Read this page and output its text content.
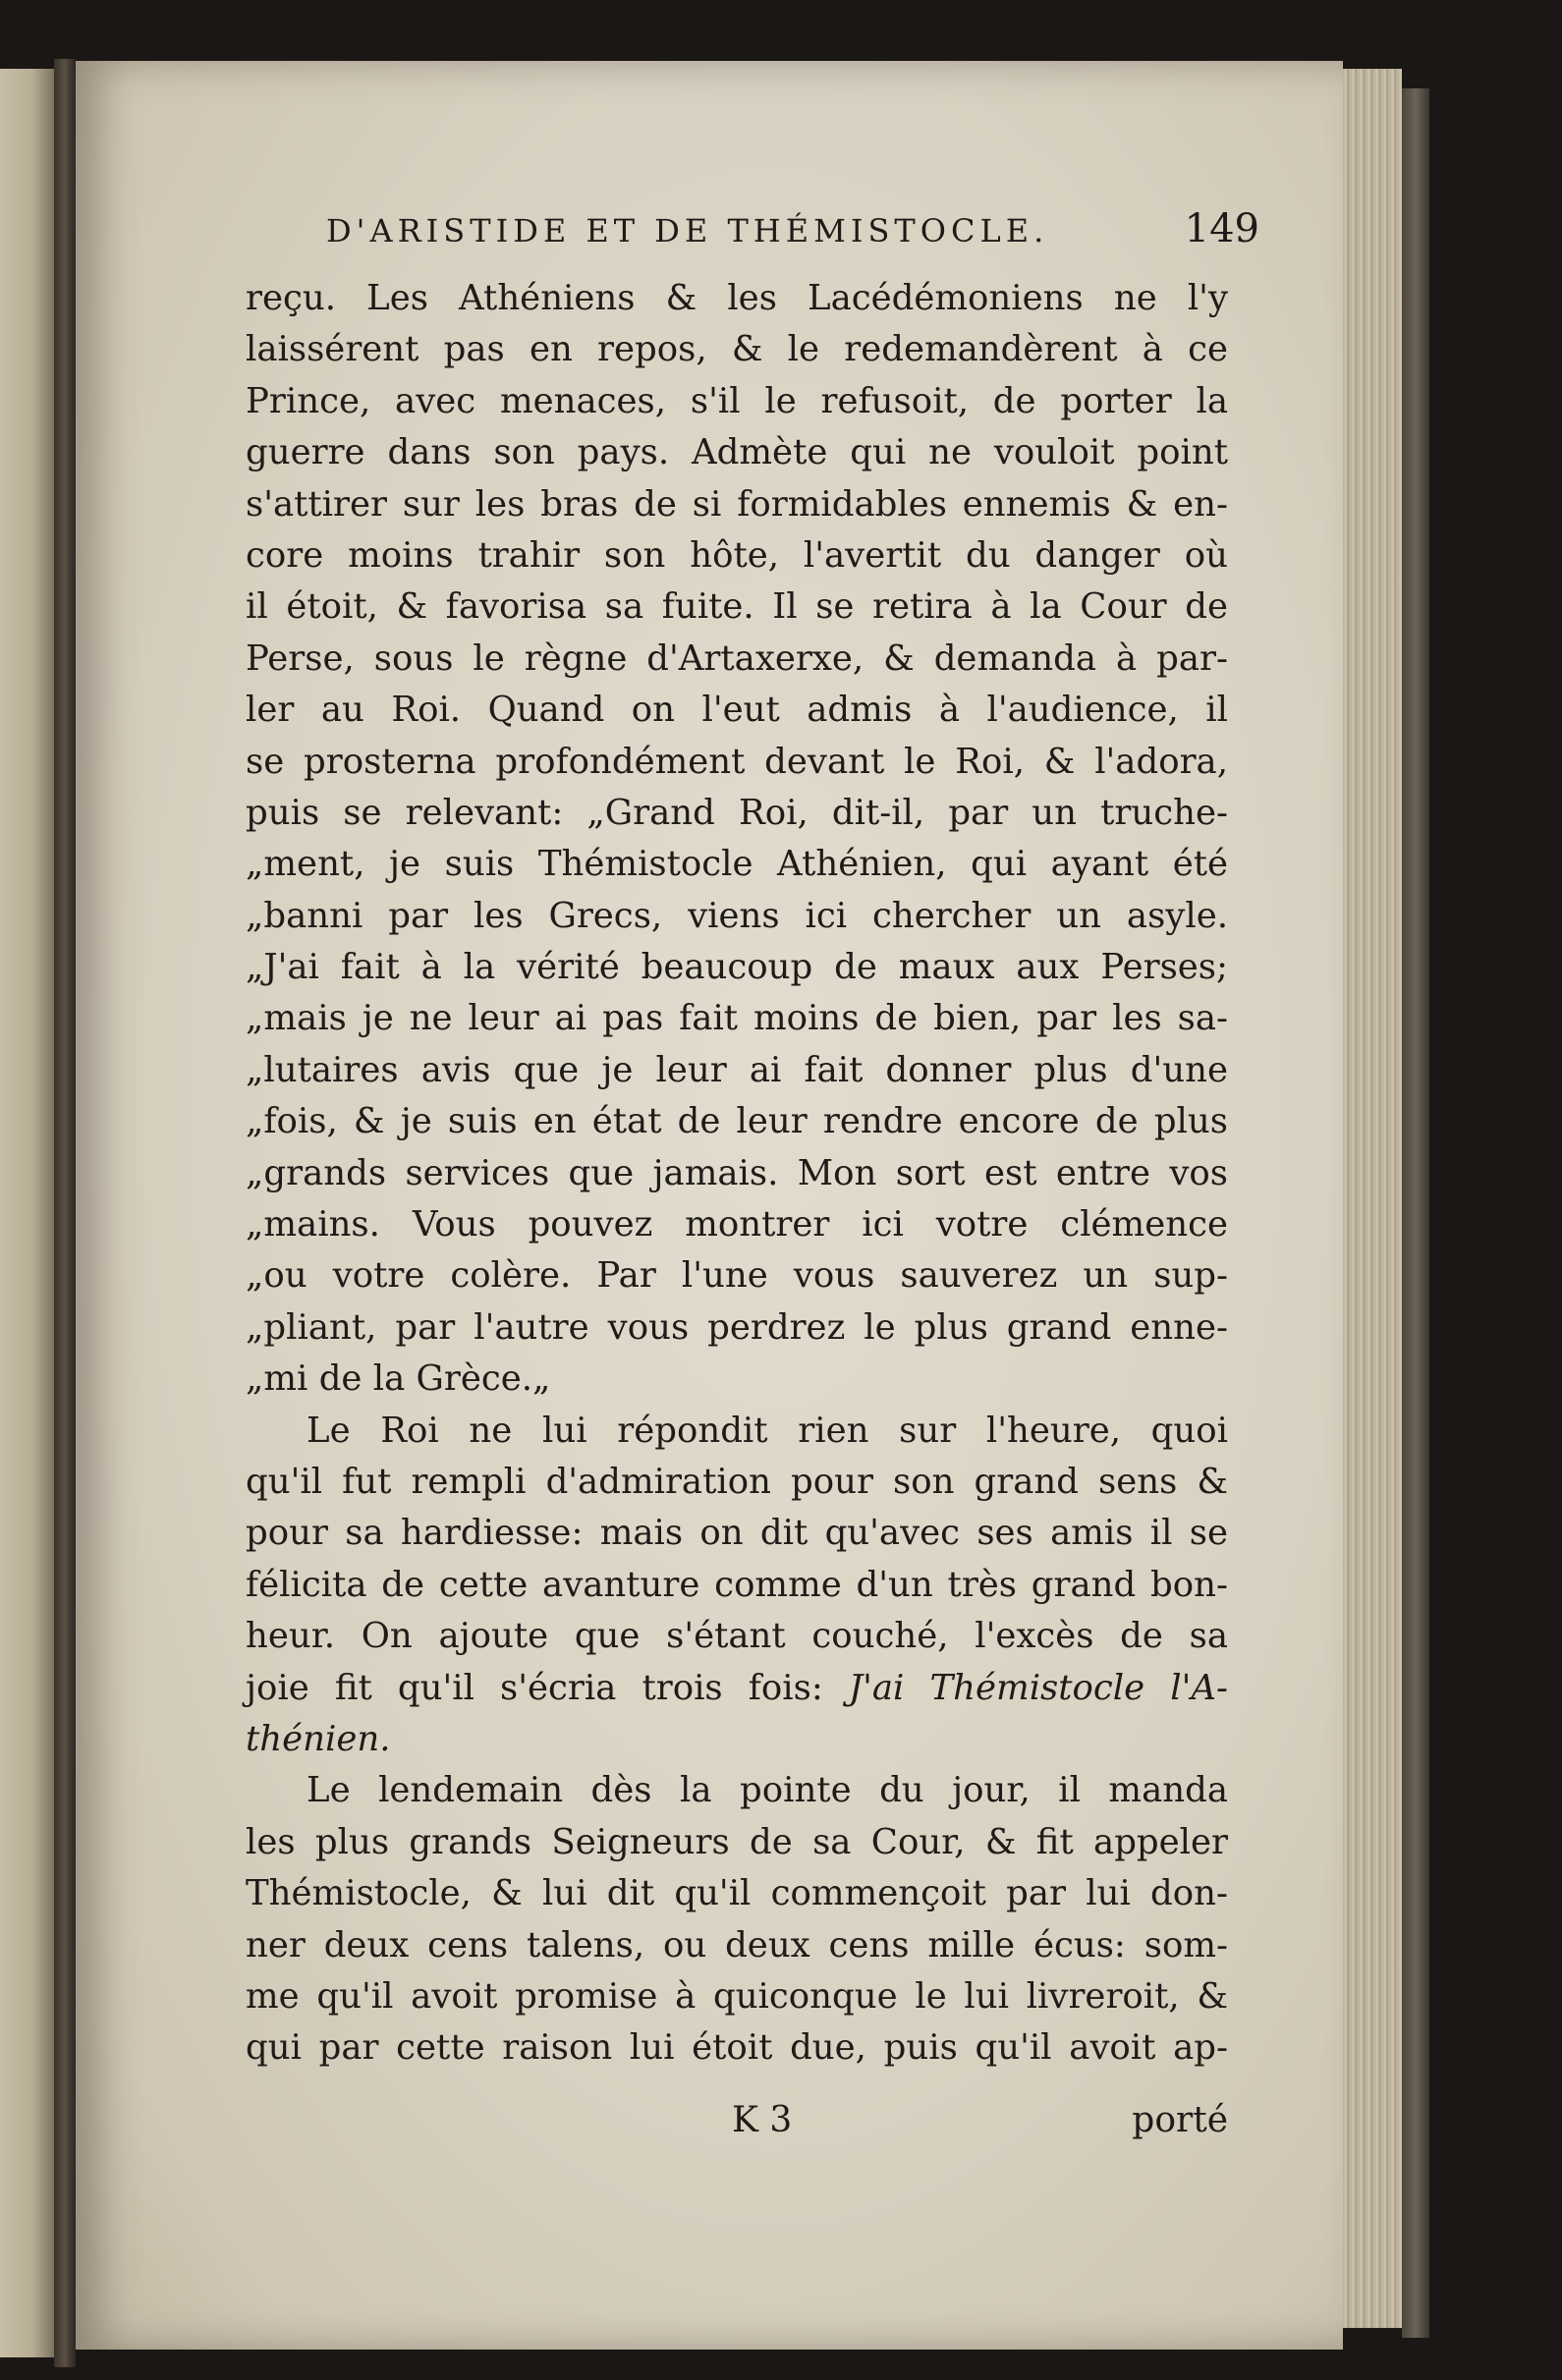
D'ARISTIDE ET DE THÉMISTOCLE.	149
reçu. Les Athéniens & les Lacédémoniens ne l'y
laissérent pas en repos, & le redemandèrent à ce
Prince, avec menaces, s'il le refusoit, de porter la
guerre dans son pays. Admète qui ne vouloit point
s'attirer sur les bras de si formidables ennemis & en-
core moins trahir son hôte, l'avertit du danger où
il étoit, & favorisa sa fuite. Il se retira à la Cour de
Perse, sous le règne d'Artaxerxe, & demanda à par-
ler au Roi. Quand on l'eut admis à l'audience, il
se prosterna profondément devant le Roi, & l'adora,
puis se relevant: „Grand Roi, dit-il, par un truche-
„ment, je suis Thémistocle Athénien, qui ayant été
„banni par les Grecs, viens ici chercher un asyle.
„J'ai fait à la vérité beaucoup de maux aux Perses;
„mais je ne leur ai pas fait moins de bien, par les sa-
„lutaires avis que je leur ai fait donner plus d'une
„fois, & je suis en état de leur rendre encore de plus
„grands services que jamais. Mon sort est entre vos
„mains. Vous pouvez montrer ici votre clémence
„ou votre colère. Par l'une vous sauverez un sup-
„pliant, par l'autre vous perdrez le plus grand enne-
„mi de la Grèce.„
Le Roi ne lui répondit rien sur l'heure, quoi
qu'il fut rempli d'admiration pour son grand sens &
pour sa hardiesse: mais on dit qu'avec ses amis il se
félicita de cette avanture comme d'un très grand bon-
heur. On ajoute que s'étant couché, l'excès de sa
joie fit qu'il s'écria trois fois: J'ai Thémistocle l'A-
thénien.
Le lendemain dès la pointe du jour, il manda
les plus grands Seigneurs de sa Cour, & fit appeler
Thémistocle, & lui dit qu'il commençoit par lui don-
ner deux cens talens, ou deux cens mille écus: som-
me qu'il avoit promise à quiconque le lui livreroit, &
qui par cette raison lui étoit due, puis qu'il avoit ap-
K 3	porté
